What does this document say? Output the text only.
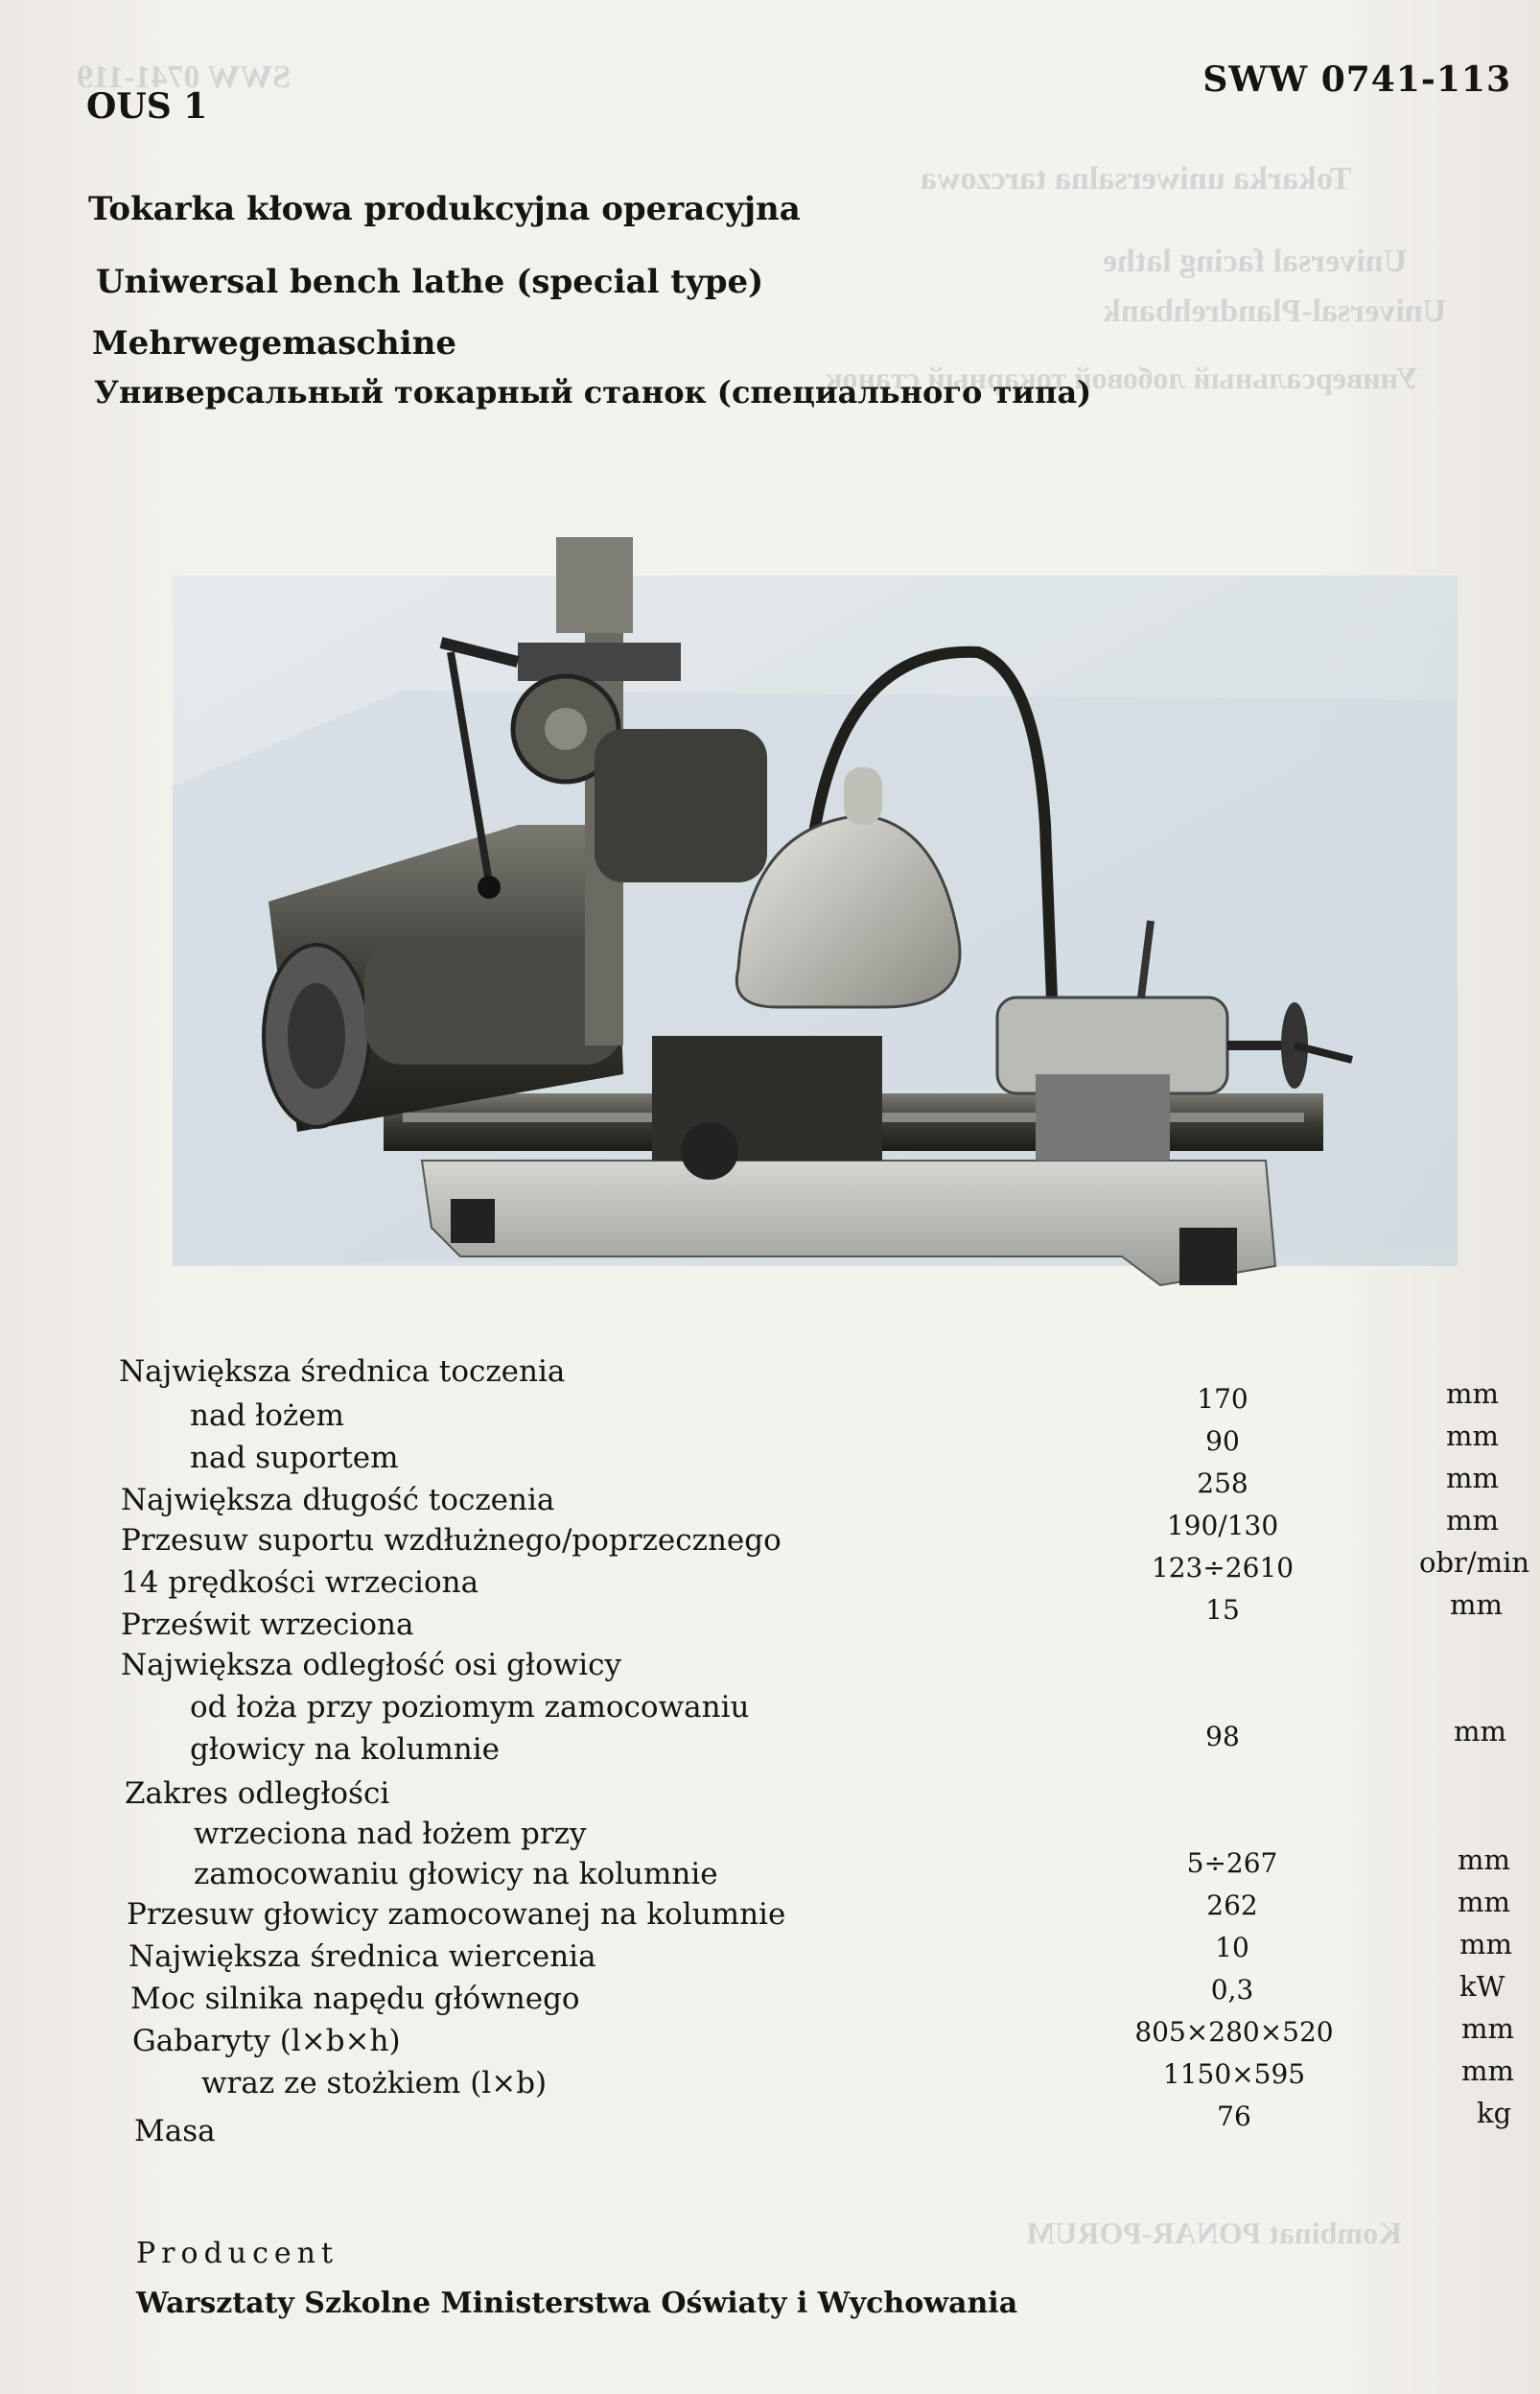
SWW 0741-119
Tokarka uniwersalna tarczowa
Universal facing lathe
Universal-Plandrehbank
Универсальный лобовой токарный станок
Kombinat PONAR-PORUM
OUS 1
SWW 0741-113
Tokarka kłowa produkcyjna operacyjna
Uniwersal bench lathe (special type)
Mehrwegemaschine
Универсальный токарный станок (специального типа)
Największa średnica toczenia
nad łożem	170	mm
nad suportem	90	mm
Największa długość toczenia	258	mm
Przesuw suportu wzdłużnego/poprzecznego	190/130	mm
14 prędkości wrzeciona	123÷2610	obr/min
Prześwit wrzeciona	15	mm
Największa odległość osi głowicy
od łoża przy poziomym zamocowaniu
głowicy na kolumnie	98	mm
Zakres odległości
wrzeciona nad łożem przy
zamocowaniu głowicy na kolumnie	5÷267	mm
Przesuw głowicy zamocowanej na kolumnie	262	mm
Największa średnica wiercenia	10	mm
Moc silnika napędu głównego	0,3	kW
Gabaryty (l×b×h)	805×280×520	mm
wraz ze stożkiem (l×b)	1150×595	mm
Masa	76	kg
Producent
Warsztaty Szkolne Ministerstwa Oświaty i Wychowania
